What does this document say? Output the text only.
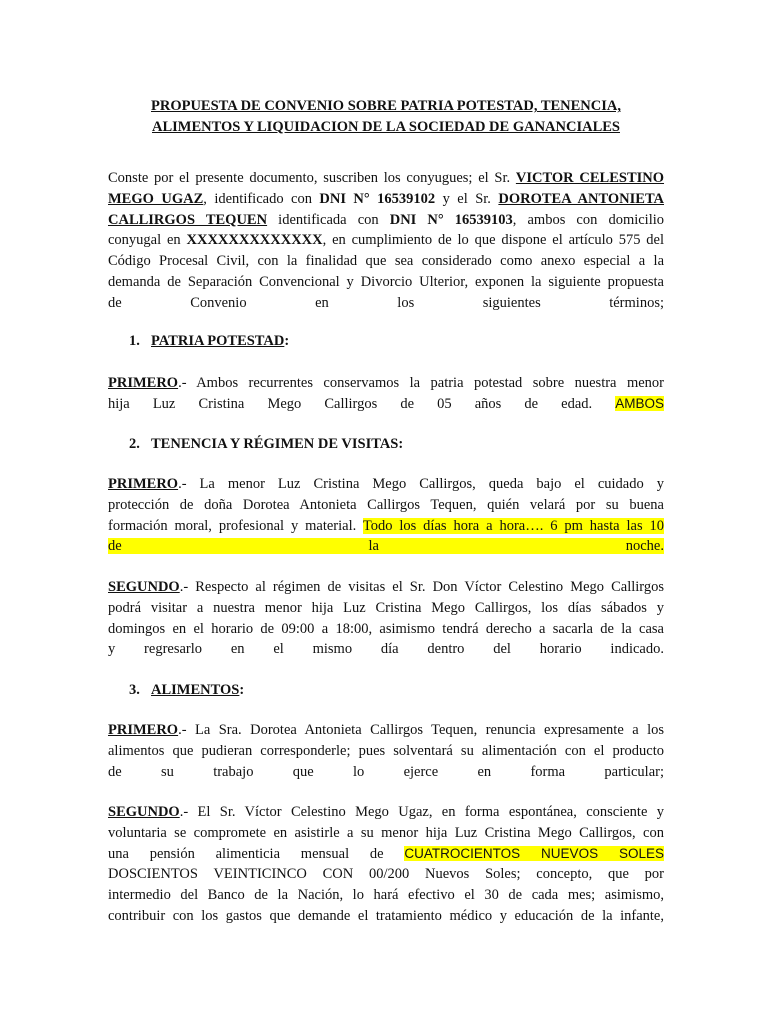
PROPUESTA DE CONVENIO SOBRE PATRIA POTESTAD, TENENCIA,
ALIMENTOS Y LIQUIDACION DE LA SOCIEDAD DE GANANCIALES
Conste por el presente documento, suscriben los conyugues; el Sr. VICTOR CELESTINO
MEGO UGAZ, identificado con DNI N° 16539102 y el Sr. DOROTEA ANTONIETA
CALLIRGOS TEQUEN identificada con DNI N° 16539103, ambos con domicilio
conyugal en XXXXXXXXXXXXX, en cumplimiento de lo que dispone el artículo 575 del
Código Procesal Civil, con la finalidad que sea considerado como anexo especial a la
demanda de Separación Convencional y Divorcio Ulterior, exponen la siguiente propuesta
de Convenio en los siguientes términos;
1. PATRIA POTESTAD:
PRIMERO.- Ambos recurrentes conservamos la patria potestad sobre nuestra menor
hija Luz Cristina Mego Callirgos de 05 años de edad. AMBOS
2. TENENCIA Y RÉGIMEN DE VISITAS:
PRIMERO.- La menor Luz Cristina Mego Callirgos, queda bajo el cuidado y
protección de doña Dorotea Antonieta Callirgos Tequen, quién velará por su buena
formación moral, profesional y material. Todo los días hora a hora…. 6 pm hasta las 10
de la noche.
SEGUNDO.- Respecto al régimen de visitas el Sr. Don Víctor Celestino Mego Callirgos
podrá visitar a nuestra menor hija Luz Cristina Mego Callirgos, los días sábados y
domingos en el horario de 09:00 a 18:00, asimismo tendrá derecho a sacarla de la casa
y regresarlo en el mismo día dentro del horario indicado.
3. ALIMENTOS:
PRIMERO.- La Sra. Dorotea Antonieta Callirgos Tequen, renuncia expresamente a los
alimentos que pudieran corresponderle; pues solventará su alimentación con el producto
de su trabajo que lo ejerce en forma particular;
SEGUNDO.- El Sr. Víctor Celestino Mego Ugaz, en forma espontánea, consciente y
voluntaria se compromete en asistirle a su menor hija Luz Cristina Mego Callirgos, con
una pensión alimenticia mensual de CUATROCIENTOS NUEVOS SOLES
DOSCIENTOS VEINTICINCO CON 00/200 Nuevos Soles; concepto, que por
intermedio del Banco de la Nación, lo hará efectivo el 30 de cada mes; asimismo,
contribuir con los gastos que demande el tratamiento médico y educación de la infante,
